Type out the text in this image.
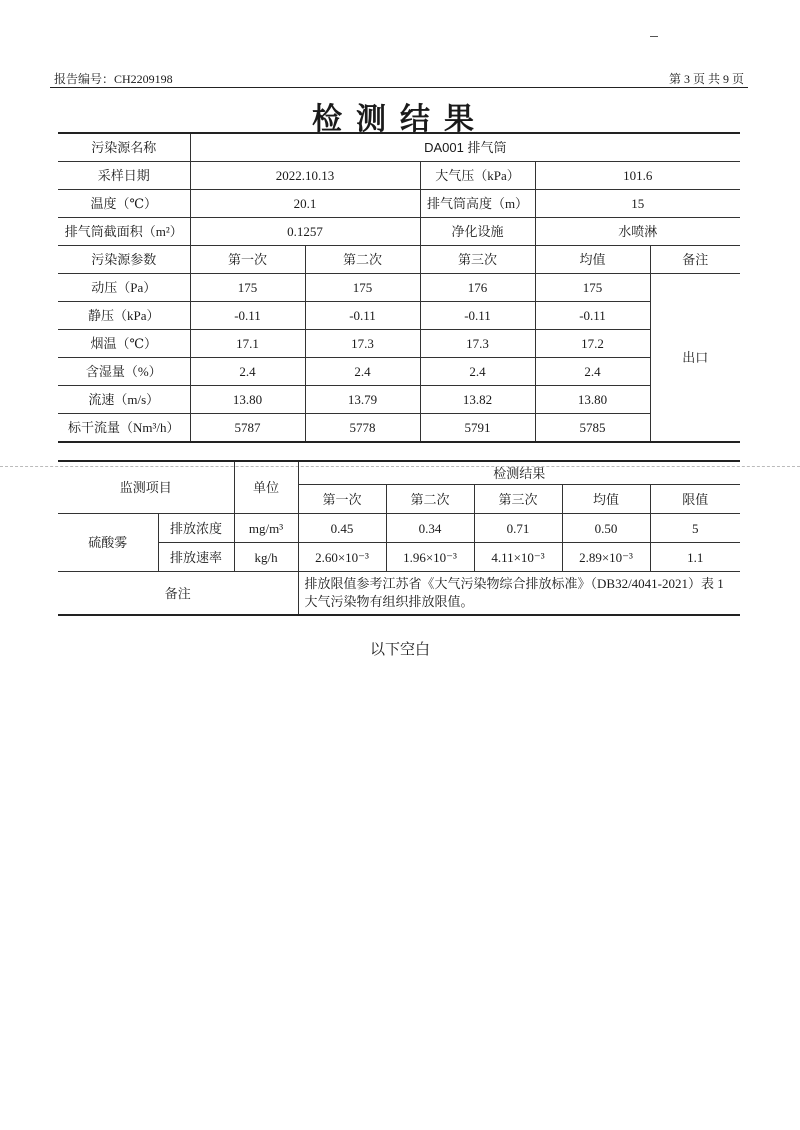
报告编号：CH2209198	第 3 页 共 9 页
检测结果
污染源名称	DA001 排气筒				
采样日期	2022.10.13		大气压（kPa）	101.6	
温度（℃）	20.1		排气筒高度（m）	15	
排气筒截面积（m²）	0.1257		净化设施	水喷淋	
污染源参数	第一次	第二次	第三次	均值	备注
动压（Pa）	175	175	176	175	出口
静压（kPa）	-0.11	-0.11	-0.11	-0.11	
烟温（℃）	17.1	17.3	17.3	17.2	
含湿量（%）	2.4	2.4	2.4	2.4	
流速（m/s）	13.80	13.79	13.82	13.80	
标干流量（Nm³/h）	5787	5778	5791	5785	
监测项目		单位	检测结果				
			第一次	第二次	第三次	均值	限值
硫酸雾	排放浓度	mg/m³	0.45	0.34	0.71	0.50	5
	排放速率	kg/h	2.60×10⁻³	1.96×10⁻³	4.11×10⁻³	2.89×10⁻³	1.1
备注			排放限值参考江苏省《大气污染物综合排放标准》（DB32/4041-2021）表 1 大气污染物有组织排放限值。				
以下空白
